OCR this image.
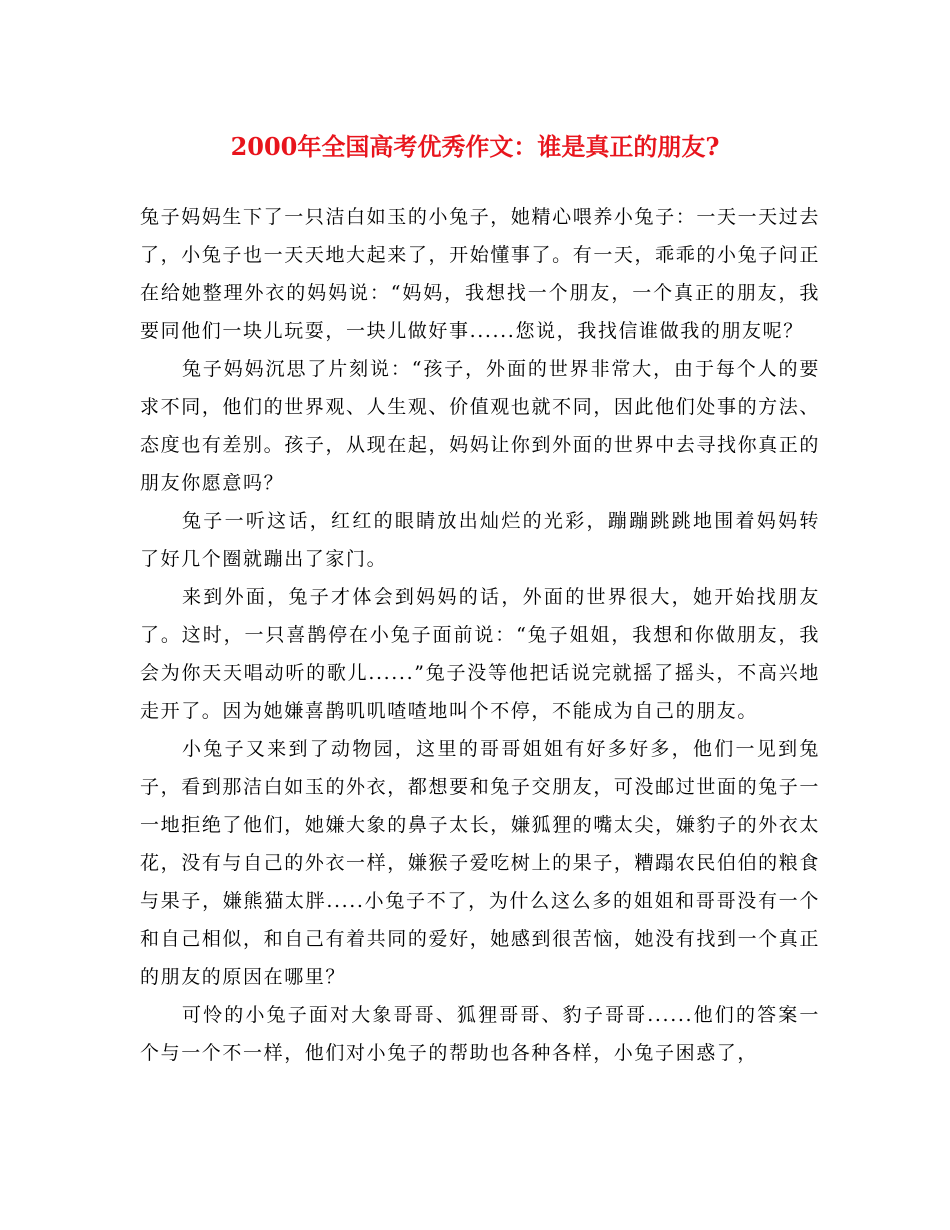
2000年全国高考优秀作文：谁是真正的朋友?

兔子妈妈生下了一只洁白如玉的小兔子，她精心喂养小兔子：一天一天过去了，小兔子也一天天地大起来了，开始懂事了。有一天，乖乖的小兔子问正在给她整理外衣的妈妈说：“妈妈，我想找一个朋友，一个真正的朋友，我要同他们一块儿玩耍，一块儿做好事......您说，我找信谁做我的朋友呢？

兔子妈妈沉思了片刻说：“孩子，外面的世界非常大，由于每个人的要求不同，他们的世界观、人生观、价值观也就不同，因此他们处事的方法、态度也有差别。孩子，从现在起，妈妈让你到外面的世界中去寻找你真正的朋友你愿意吗？

兔子一听这话，红红的眼睛放出灿烂的光彩，蹦蹦跳跳地围着妈妈转了好几个圈就蹦出了家门。

来到外面，兔子才体会到妈妈的话，外面的世界很大，她开始找朋友了。这时，一只喜鹊停在小兔子面前说：“兔子姐姐，我想和你做朋友，我会为你天天唱动听的歌儿......”兔子没等他把话说完就摇了摇头，不高兴地走开了。因为她嫌喜鹊叽叽喳喳地叫个不停，不能成为自己的朋友。

小兔子又来到了动物园，这里的哥哥姐姐有好多好多，他们一见到兔子，看到那洁白如玉的外衣，都想要和兔子交朋友，可没邮过世面的兔子一一地拒绝了他们，她嫌大象的鼻子太长，嫌狐狸的嘴太尖，嫌豹子的外衣太花，没有与自己的外衣一样，嫌猴子爱吃树上的果子，糟蹋农民伯伯的粮食与果子，嫌熊猫太胖.....小兔子不了，为什么这么多的姐姐和哥哥没有一个和自己相似，和自己有着共同的爱好，她感到很苦恼，她没有找到一个真正的朋友的原因在哪里？

可怜的小兔子面对大象哥哥、狐狸哥哥、豹子哥哥......他们的答案一个与一个不一样，他们对小兔子的帮助也各种各样，小兔子困惑了，
